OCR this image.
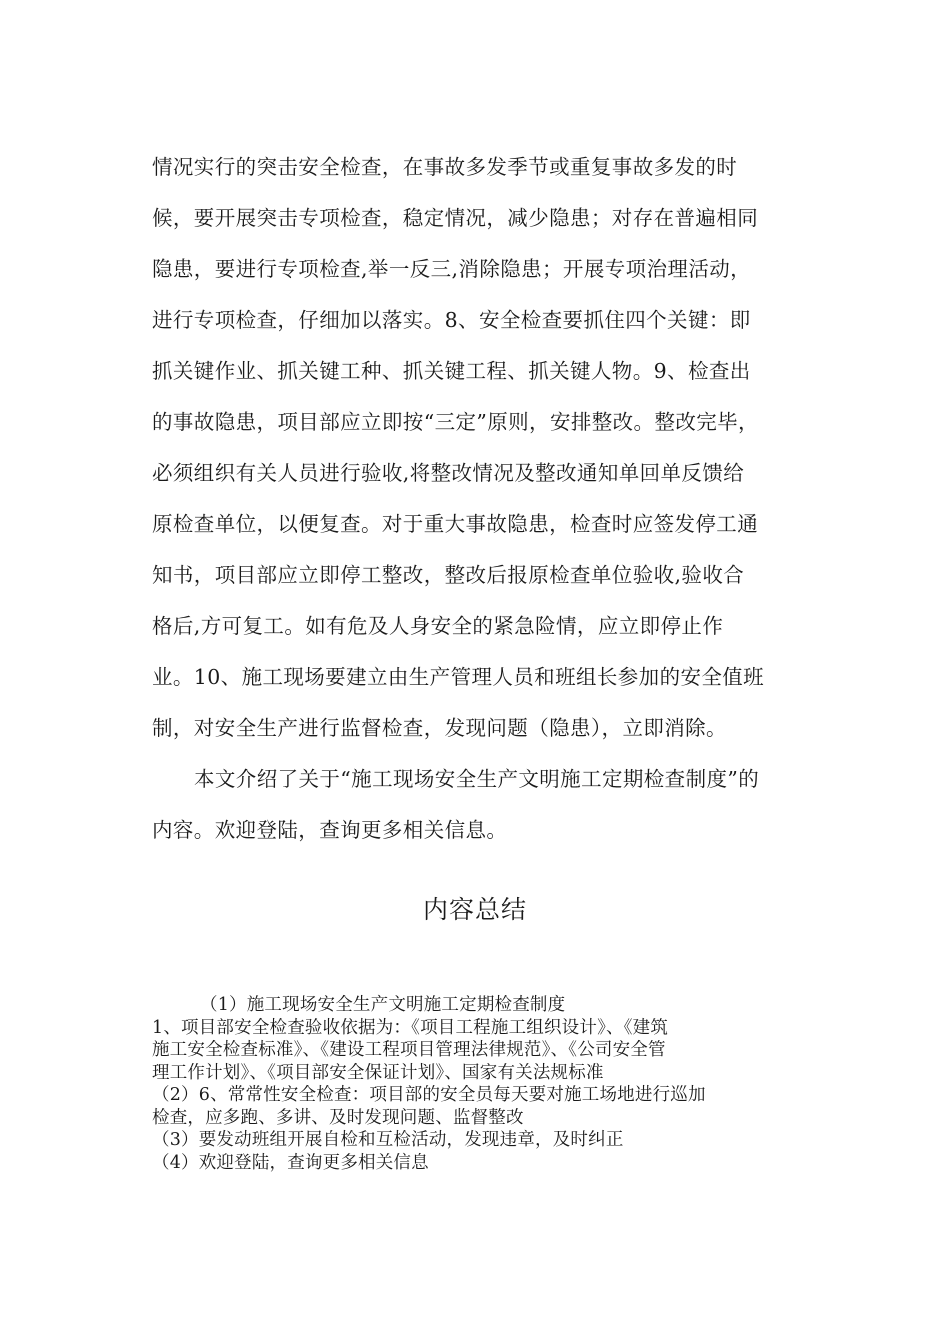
情况实行的突击安全检查，在事故多发季节或重复事故多发的时
候，要开展突击专项检查，稳定情况，减少隐患；对存在普遍相同
隐患，要进行专项检查,举一反三,消除隐患；开展专项治理活动，
进行专项检查，仔细加以落实。8、安全检查要抓住四个关键：即
抓关键作业、抓关键工种、抓关键工程、抓关键人物。9、检查出
的事故隐患，项目部应立即按“三定”原则，安排整改。整改完毕，
必须组织有关人员进行验收,将整改情况及整改通知单回单反馈给
原检查单位，以便复查。对于重大事故隐患，检查时应签发停工通
知书，项目部应立即停工整改，整改后报原检查单位验收,验收合
格后,方可复工。如有危及人身安全的紧急险情，应立即停止作
业。10、施工现场要建立由生产管理人员和班组长参加的安全值班
制，对安全生产进行监督检查，发现问题（隐患），立即消除。
本文介绍了关于“施工现场安全生产文明施工定期检查制度”的
内容。欢迎登陆，查询更多相关信息。
内容总结
（1）施工现场安全生产文明施工定期检查制度
1、项目部安全检查验收依据为：《项目工程施工组织设计》、《建筑
施工安全检查标准》、《建设工程项目管理法律规范》、《公司安全管
理工作计划》、《项目部安全保证计划》、国家有关法规标准
（2）6、常常性安全检查：项目部的安全员每天要对施工场地进行巡加
检查，应多跑、多讲、及时发现问题、监督整改
（3）要发动班组开展自检和互检活动，发现违章，及时纠正
（4）欢迎登陆，查询更多相关信息
